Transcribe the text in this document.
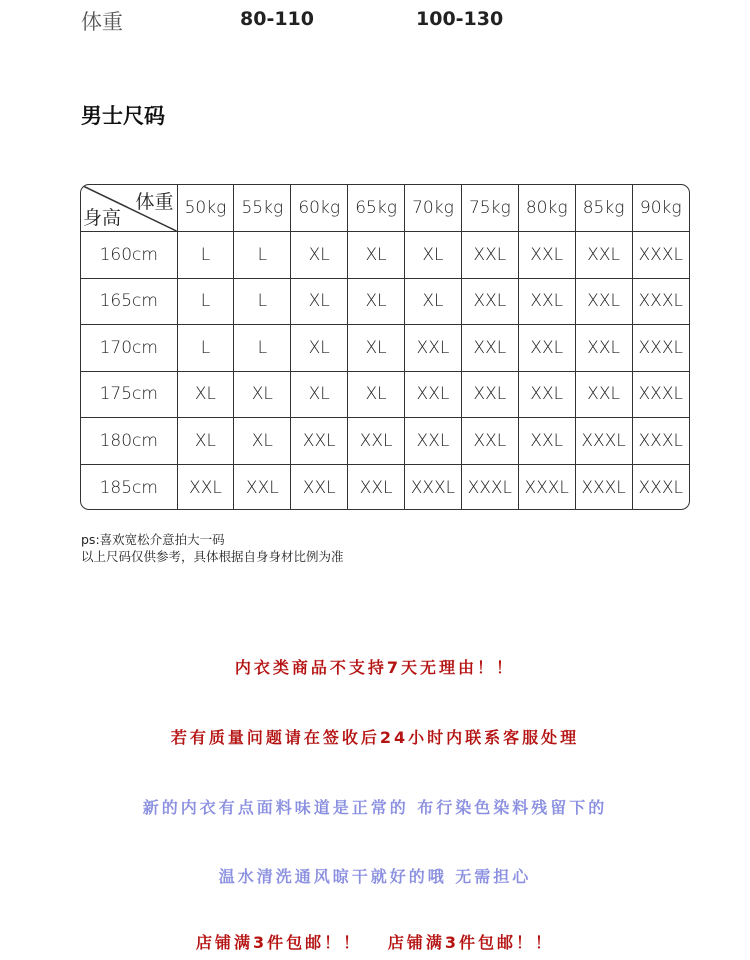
体重	80-110	100-130
男士尺码
体重
身高	50kg	55kg	60kg	65kg	70kg	75kg	80kg	85kg	90kg
160cm	L	L	XL	XL	XL	XXL	XXL	XXL	XXXL
165cm	L	L	XL	XL	XL	XXL	XXL	XXL	XXXL
170cm	L	L	XL	XL	XXL	XXL	XXL	XXL	XXXL
175cm	XL	XL	XL	XL	XXL	XXL	XXL	XXL	XXXL
180cm	XL	XL	XXL	XXL	XXL	XXL	XXL	XXXL	XXXL
185cm	XXL	XXL	XXL	XXL	XXXL	XXXL	XXXL	XXXL	XXXL
ps:喜欢宽松介意拍大一码
以上尺码仅供参考，具体根据自身身材比例为准
内衣类商品不支持7天无理由！！
若有质量问题请在签收后24小时内联系客服处理
新的内衣有点面料味道是正常的 布行染色染料残留下的
温水清洗通风晾干就好的哦 无需担心
店铺满3件包邮！！   店铺满3件包邮！！
